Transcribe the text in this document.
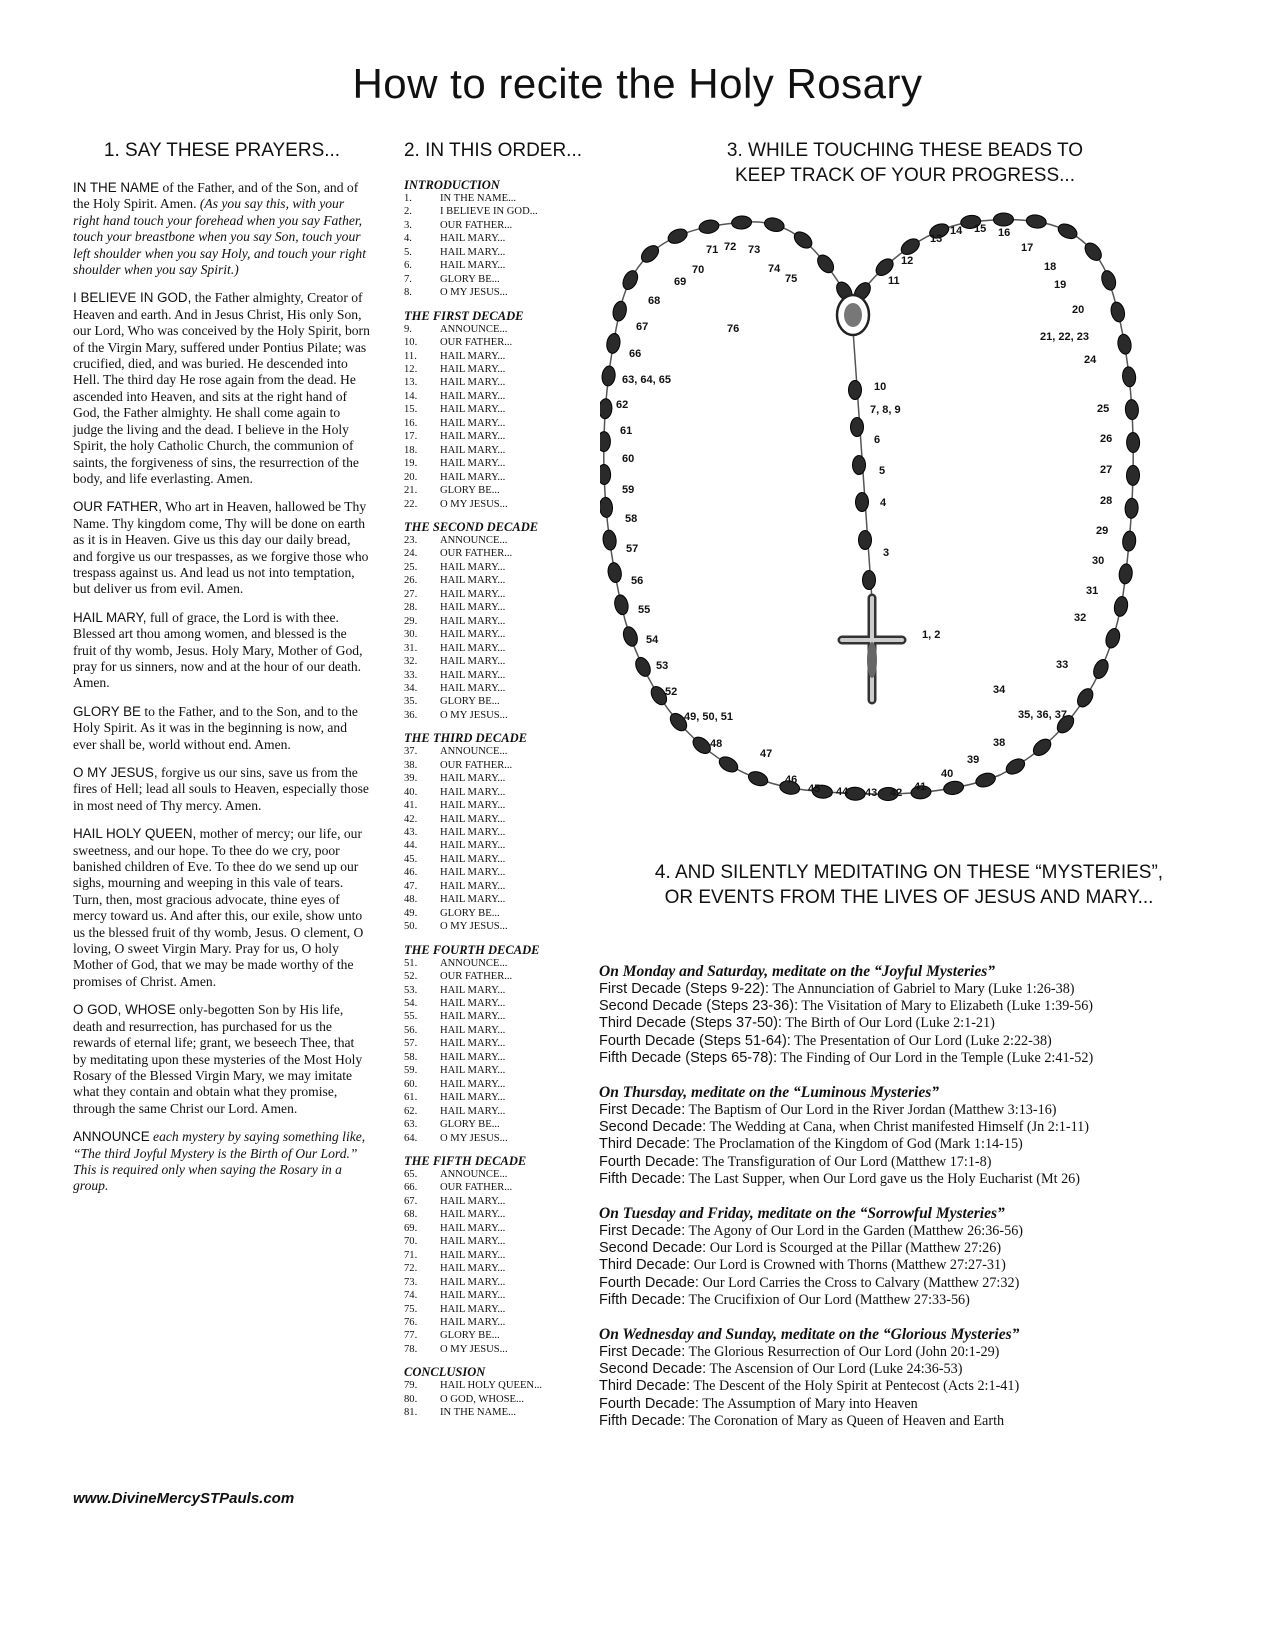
How to recite the Holy Rosary
1. SAY THESE PRAYERS...	2. IN THIS ORDER...	3. WHILE TOUCHING THESE BEADS TO
KEEP TRACK OF YOUR PROGRESS...
4. AND SILENTLY MEDITATING ON THESE “MYSTERIES”,
OR EVENTS FROM THE LIVES OF JESUS AND MARY...

IN THE NAME of the Father, and of the Son, and of the Holy Spirit. Amen. (As you say this, with your right hand touch your forehead when you say Father, touch your breastbone when you say Son, touch your left shoulder when you say Holy, and touch your right shoulder when you say Spirit.)

I BELIEVE IN GOD, the Father almighty, Creator of Heaven and earth. And in Jesus Christ, His only Son, our Lord, Who was conceived by the Holy Spirit, born of the Virgin Mary, suffered under Pontius Pilate; was crucified, died, and was buried. He descended into Hell. The third day He rose again from the dead. He ascended into Heaven, and sits at the right hand of God, the Father almighty. He shall come again to judge the living and the dead. I believe in the Holy Spirit, the holy Catholic Church, the communion of saints, the forgiveness of sins, the resurrection of the body, and life everlasting. Amen.

OUR FATHER, Who art in Heaven, hallowed be Thy Name. Thy kingdom come, Thy will be done on earth as it is in Heaven. Give us this day our daily bread, and forgive us our trespasses, as we forgive those who trespass against us. And lead us not into temptation, but deliver us from evil. Amen.

HAIL MARY, full of grace, the Lord is with thee. Blessed art thou among women, and blessed is the fruit of thy womb, Jesus. Holy Mary, Mother of God, pray for us sinners, now and at the hour of our death. Amen.

GLORY BE to the Father, and to the Son, and to the Holy Spirit. As it was in the beginning is now, and ever shall be, world without end. Amen.

O MY JESUS, forgive us our sins, save us from the fires of Hell; lead all souls to Heaven, especially those in most need of Thy mercy. Amen.

HAIL HOLY QUEEN, mother of mercy; our life, our sweetness, and our hope. To thee do we cry, poor banished children of Eve. To thee do we send up our sighs, mourning and weeping in this vale of tears. Turn, then, most gracious advocate, thine eyes of mercy toward us. And after this, our exile, show unto us the blessed fruit of thy womb, Jesus. O clement, O loving, O sweet Virgin Mary. Pray for us, O holy Mother of God, that we may be made worthy of the promises of Christ. Amen.

O GOD, WHOSE only-begotten Son by His life, death and resurrection, has purchased for us the rewards of eternal life; grant, we beseech Thee, that by meditating upon these mysteries of the Most Holy Rosary of the Blessed Virgin Mary, we may imitate what they contain and obtain what they promise, through the same Christ our Lord. Amen.

ANNOUNCE each mystery by saying something like, “The third Joyful Mystery is the Birth of Our Lord.” This is required only when saying the Rosary in a group.

www.DivineMercySTPauls.com
INTRODUCTION
1.	IN THE NAME...
2.	I BELIEVE IN GOD...
3.	OUR FATHER...
4.	HAIL MARY...
5.	HAIL MARY...
6.	HAIL MARY...
7.	GLORY BE...
8.	O MY JESUS...
THE FIRST DECADE
9.	ANNOUNCE...
10. OUR FATHER...
11. HAIL MARY...
12. HAIL MARY...
13. HAIL MARY...
14. HAIL MARY...
15. HAIL MARY...
16. HAIL MARY...
17. HAIL MARY...
18. HAIL MARY...
19. HAIL MARY...
20. HAIL MARY...
21. GLORY BE...
22. O MY JESUS...
THE SECOND DECADE
23. ANNOUNCE...
24. OUR FATHER...
25. HAIL MARY...
26. HAIL MARY...
27. HAIL MARY...
28. HAIL MARY...
29. HAIL MARY...
30. HAIL MARY...
31. HAIL MARY...
32. HAIL MARY...
33. HAIL MARY...
34. HAIL MARY...
35. GLORY BE...
36. O MY JESUS...
THE THIRD DECADE
37. ANNOUNCE...
38. OUR FATHER...
39. HAIL MARY...
40. HAIL MARY...
41. HAIL MARY...
42. HAIL MARY...
43. HAIL MARY...
44. HAIL MARY...
45. HAIL MARY...
46. HAIL MARY...
47. HAIL MARY...
48. HAIL MARY...
49. GLORY BE...
50. O MY JESUS...
THE FOURTH DECADE
51. ANNOUNCE...
52. OUR FATHER...
53. HAIL MARY...
54. HAIL MARY...
55. HAIL MARY...
56. HAIL MARY...
57. HAIL MARY...
58. HAIL MARY...
59. HAIL MARY...
60. HAIL MARY...
61. HAIL MARY...
62. HAIL MARY...
63. GLORY BE...
64. O MY JESUS...
THE FIFTH DECADE
65. ANNOUNCE...
66. OUR FATHER...
67. HAIL MARY...
68. HAIL MARY...
69. HAIL MARY...
70. HAIL MARY...
71. HAIL MARY...
72. HAIL MARY...
73. HAIL MARY...
74. HAIL MARY...
75. HAIL MARY...
76. HAIL MARY...
77. GLORY BE...
78. O MY JESUS...
CONCLUSION
79. HAIL HOLY QUEEN...
80. O GOD, WHOSE...
81. IN THE NAME...
1, 2
3
4
5
6
7, 8, 9
10
11
12
13
14 15 16
17
18
19
20
21, 22, 23
24
25
26
27
28
29
30
31
32
33
34
35, 36, 37
38
39
40
41
42
43
44
45
46
47
48
49, 50, 51
52
53
54
55
56
57
58
59
60
61
62
63, 64, 65
66
67
68
69
70
71 72 73
74
75
76
On Monday and Saturday, meditate on the “Joyful Mysteries”
First Decade (Steps 9-22): The Annunciation of Gabriel to Mary (Luke 1:26-38)
Second Decade (Steps 23-36): The Visitation of Mary to Elizabeth (Luke 1:39-56)
Third Decade (Steps 37-50): The Birth of Our Lord (Luke 2:1-21)
Fourth Decade (Steps 51-64): The Presentation of Our Lord (Luke 2:22-38)
Fifth Decade (Steps 65-78): The Finding of Our Lord in the Temple (Luke 2:41-52)
On Thursday, meditate on the “Luminous Mysteries”
First Decade: The Baptism of Our Lord in the River Jordan (Matthew 3:13-16)
Second Decade: The Wedding at Cana, when Christ manifested Himself (Jn 2:1-11)
Third Decade: The Proclamation of the Kingdom of God (Mark 1:14-15)
Fourth Decade: The Transfiguration of Our Lord (Matthew 17:1-8)
Fifth Decade: The Last Supper, when Our Lord gave us the Holy Eucharist (Mt 26)
On Tuesday and Friday, meditate on the “Sorrowful Mysteries”
First Decade: The Agony of Our Lord in the Garden (Matthew 26:36-56)
Second Decade: Our Lord is Scourged at the Pillar (Matthew 27:26)
Third Decade: Our Lord is Crowned with Thorns (Matthew 27:27-31)
Fourth Decade: Our Lord Carries the Cross to Calvary (Matthew 27:32)
Fifth Decade: The Crucifixion of Our Lord (Matthew 27:33-56)
On Wednesday and Sunday, meditate on the “Glorious Mysteries”
First Decade: The Glorious Resurrection of Our Lord (John 20:1-29)
Second Decade: The Ascension of Our Lord (Luke 24:36-53)
Third Decade: The Descent of the Holy Spirit at Pentecost (Acts 2:1-41)
Fourth Decade: The Assumption of Mary into Heaven
Fifth Decade: The Coronation of Mary as Queen of Heaven and Earth
